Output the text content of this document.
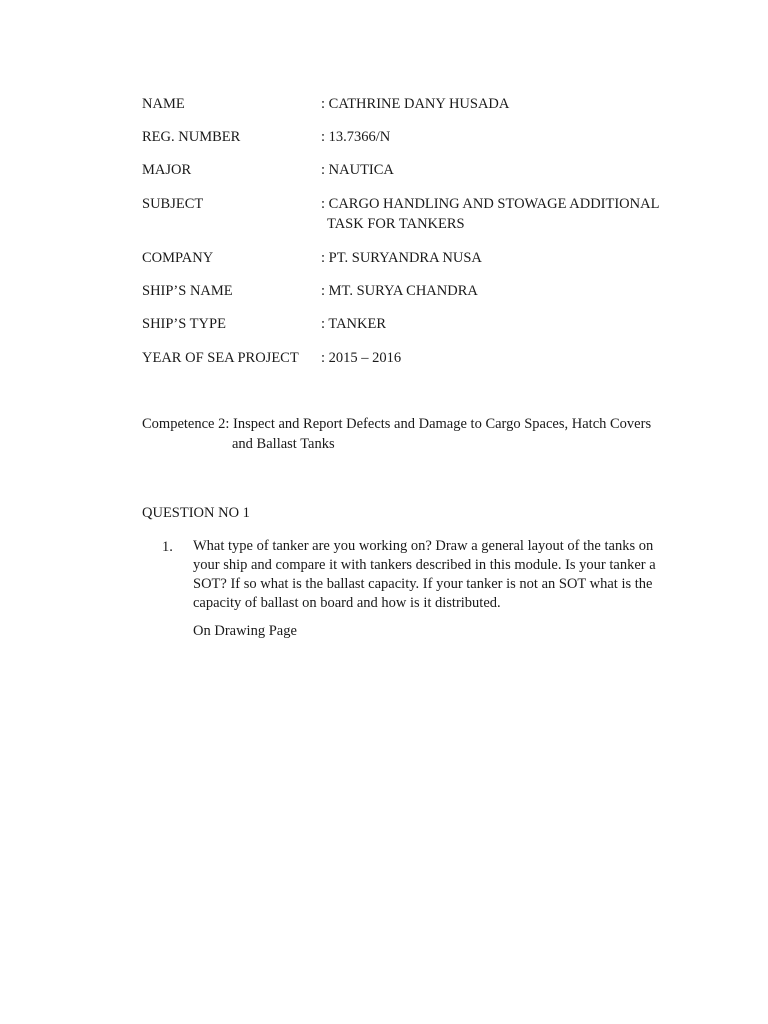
NAME	: CATHRINE DANY HUSADA
REG. NUMBER	: 13.7366/N
MAJOR	: NAUTICA
SUBJECT	: CARGO HANDLING AND STOWAGE ADDITIONAL
TASK FOR TANKERS
COMPANY	: PT. SURYANDRA NUSA
SHIP’S NAME	: MT. SURYA CHANDRA
SHIP’S TYPE	: TANKER
YEAR OF SEA PROJECT : 2015 – 2016
Competence 2: Inspect and Report Defects and Damage to Cargo Spaces, Hatch Covers
and Ballast Tanks
QUESTION NO 1
1. What type of tanker are you working on? Draw a general layout of the tanks on your ship and compare it with tankers described in this module. Is your tanker a SOT? If so what is the ballast capacity. If your tanker is not an SOT what is the capacity of ballast on board and how is it distributed.
On Drawing Page
